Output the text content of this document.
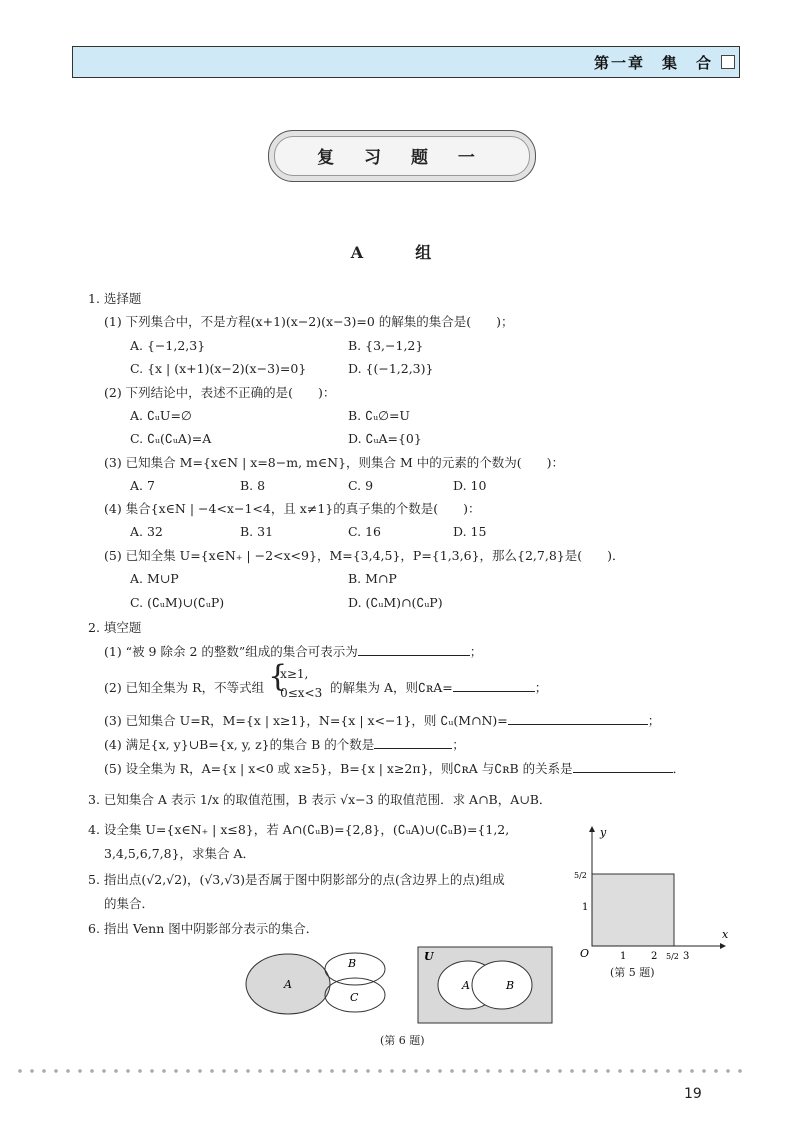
第一章　集　合
复 习 题 一
A　组
1. 选择题
(1) 下列集合中，不是方程(x+1)(x−2)(x−3)=0 的解集的集合是(　　)；
A. {−1,2,3}	B. {3,−1,2}
C. {x | (x+1)(x−2)(x−3)=0}	D. {(−1,2,3)}
(2) 下列结论中，表述不正确的是(　　)：
A. ∁ᵤU=∅	B. ∁ᵤ∅=U
C. ∁ᵤ(∁ᵤA)=A	D. ∁ᵤA={0}
(3) 已知集合 M={x∈N | x=8−m, m∈N}，则集合 M 中的元素的个数为(　　)：
A. 7	B. 8	C. 9	D. 10
(4) 集合{x∈N | −4<x−1<4，且 x≠1}的真子集的个数是(　　)：
A. 32	B. 31	C. 16	D. 15
(5) 已知全集 U={x∈N₊ | −2<x<9}，M={3,4,5}，P={1,3,6}，那么{2,7,8}是(　　)．
A. M∪P	B. M∩P
C. (∁ᵤM)∪(∁ᵤP)	D. (∁ᵤM)∩(∁ᵤP)
2. 填空题
(1) “被 9 除余 2 的整数”组成的集合可表示为	；
(2) 已知全集为 R，不等式组 {
x≥1,
0≤x<3 的解集为 A，则∁ʀA=	；
(3) 已知集合 U=R，M={x | x≥1}，N={x | x<−1}，则 ∁ᵤ(M∩N)=	；
(4) 满足{x, y}∪B={x, y, z}的集合 B 的个数是	；
(5) 设全集为 R，A={x | x<0 或 x≥5}，B={x | x≥2π}，则∁ʀA 与∁ʀB 的关系是	．
3. 已知集合 A 表示 1/x 的取值范围，B 表示 √x−3 的取值范围．求 A∩B，A∪B．
4. 设全集 U={x∈N₊ | x≤8}，若 A∩(∁ᵤB)={2,8}，(∁ᵤA)∪(∁ᵤB)={1,2,
3,4,5,6,7,8}，求集合 A．
5. 指出点(√2,√2)，(√3,√3)是否属于图中阴影部分的点(含边界上的点)组成
的集合．
6. 指出 Venn 图中阴影部分表示的集合．
y
x
O	1 2	3
5/2
1
5/2
(第 5 题)
A
B
C
U
A	B
(第 6 题)
19
